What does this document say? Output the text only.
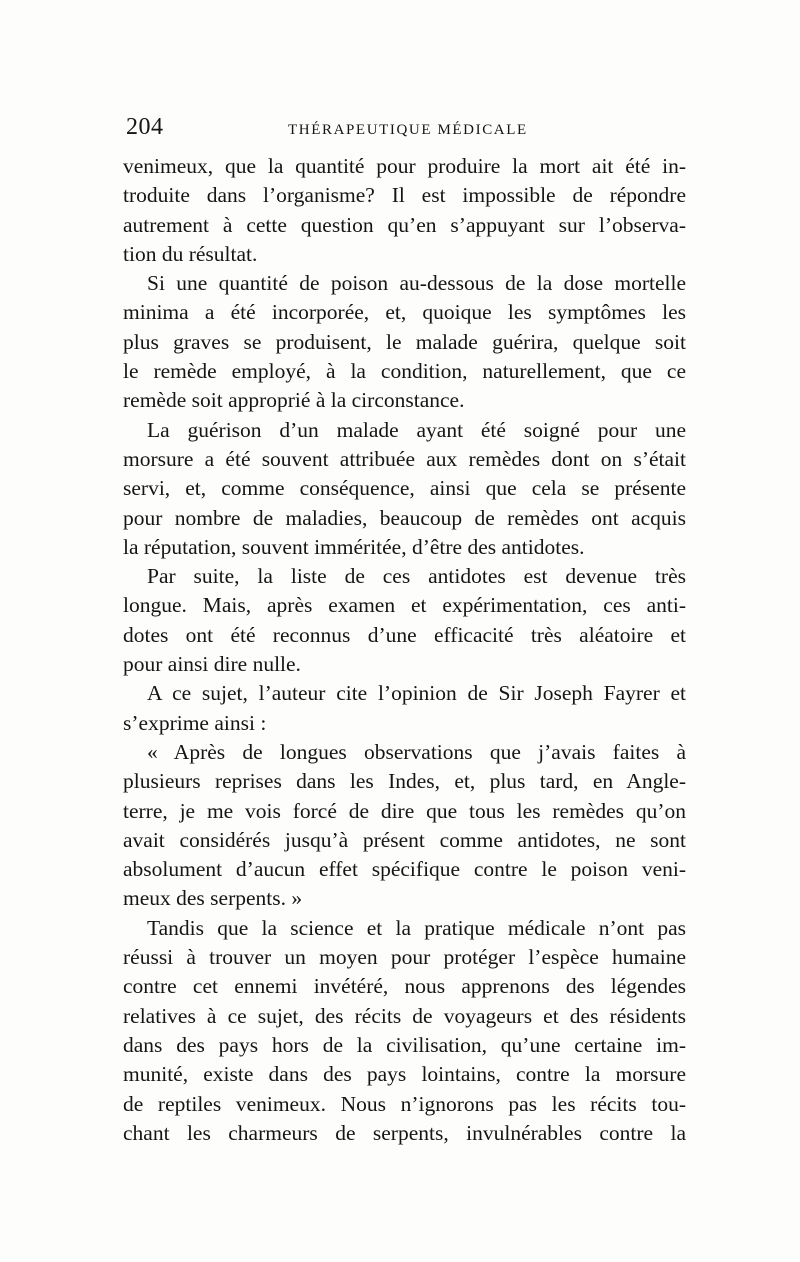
204	THÉRAPEUTIQUE MÉDICALE
venimeux, que la quantité pour produire la mort ait été in-
troduite dans l’organisme? Il est impossible de répondre
autrement à cette question qu’en s’appuyant sur l’observa-
tion du résultat.
Si une quantité de poison au-dessous de la dose mortelle
minima a été incorporée, et, quoique les symptômes les
plus graves se produisent, le malade guérira, quelque soit
le remède employé, à la condition, naturellement, que ce
remède soit approprié à la circonstance.
La guérison d’un malade ayant été soigné pour une
morsure a été souvent attribuée aux remèdes dont on s’était
servi, et, comme conséquence, ainsi que cela se présente
pour nombre de maladies, beaucoup de remèdes ont acquis
la réputation, souvent imméritée, d’être des antidotes.
Par suite, la liste de ces antidotes est devenue très
longue. Mais, après examen et expérimentation, ces anti-
dotes ont été reconnus d’une efficacité très aléatoire et
pour ainsi dire nulle.
A ce sujet, l’auteur cite l’opinion de Sir Joseph Fayrer et
s’exprime ainsi :
« Après de longues observations que j’avais faites à
plusieurs reprises dans les Indes, et, plus tard, en Angle-
terre, je me vois forcé de dire que tous les remèdes qu’on
avait considérés jusqu’à présent comme antidotes, ne sont
absolument d’aucun effet spécifique contre le poison veni-
meux des serpents. »
Tandis que la science et la pratique médicale n’ont pas
réussi à trouver un moyen pour protéger l’espèce humaine
contre cet ennemi invétéré, nous apprenons des légendes
relatives à ce sujet, des récits de voyageurs et des résidents
dans des pays hors de la civilisation, qu’une certaine im-
munité, existe dans des pays lointains, contre la morsure
de reptiles venimeux. Nous n’ignorons pas les récits tou-
chant les charmeurs de serpents, invulnérables contre la
